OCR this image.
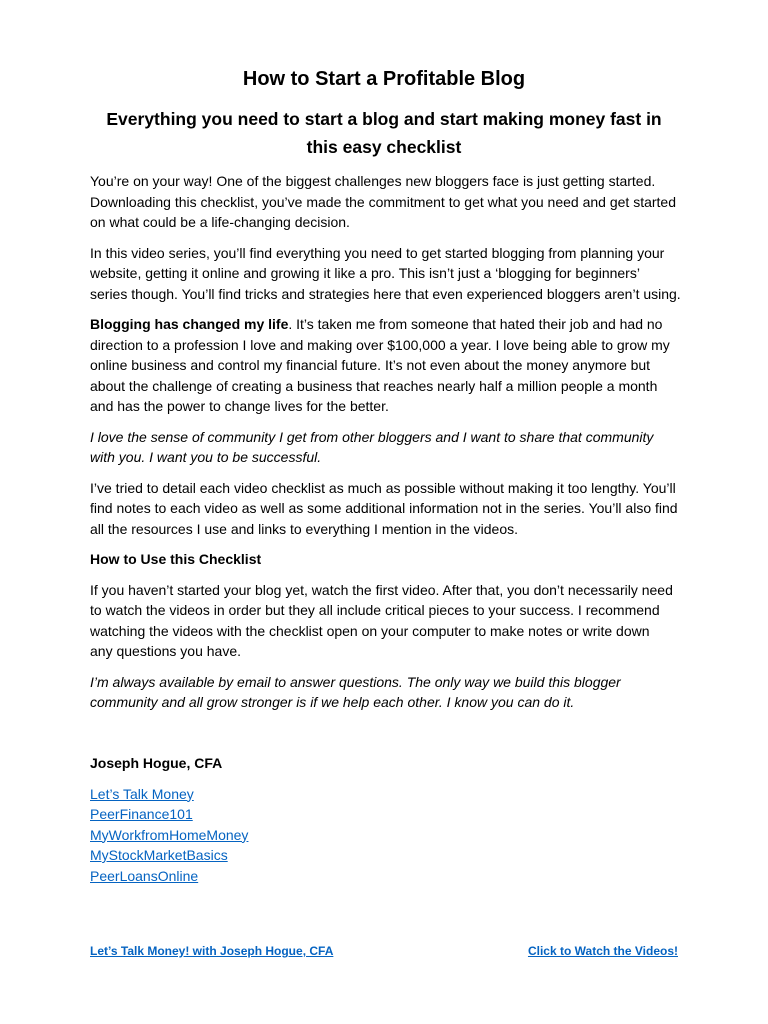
How to Start a Profitable Blog
Everything you need to start a blog and start making money fast in
this easy checklist

You’re on your way! One of the biggest challenges new bloggers face is just getting started.
Downloading this checklist, you’ve made the commitment to get what you need and get started
on what could be a life-changing decision.

In this video series, you’ll find everything you need to get started blogging from planning your
website, getting it online and growing it like a pro. This isn’t just a ‘blogging for beginners’
series though. You’ll find tricks and strategies here that even experienced bloggers aren’t using.

Blogging has changed my life. It’s taken me from someone that hated their job and had no
direction to a profession I love and making over $100,000 a year. I love being able to grow my
online business and control my financial future. It’s not even about the money anymore but
about the challenge of creating a business that reaches nearly half a million people a month
and has the power to change lives for the better.

I love the sense of community I get from other bloggers and I want to share that community
with you. I want you to be successful.

I’ve tried to detail each video checklist as much as possible without making it too lengthy. You’ll
find notes to each video as well as some additional information not in the series. You’ll also find
all the resources I use and links to everything I mention in the videos.

How to Use this Checklist

If you haven’t started your blog yet, watch the first video. After that, you don’t necessarily need
to watch the videos in order but they all include critical pieces to your success. I recommend
watching the videos with the checklist open on your computer to make notes or write down
any questions you have.

I’m always available by email to answer questions. The only way we build this blogger
community and all grow stronger is if we help each other. I know you can do it.

Joseph Hogue, CFA

Let’s Talk Money
PeerFinance101
MyWorkfromHomeMoney
MyStockMarketBasics
PeerLoansOnline
Let’s Talk Money! with Joseph Hogue, CFA	Click to Watch the Videos!
